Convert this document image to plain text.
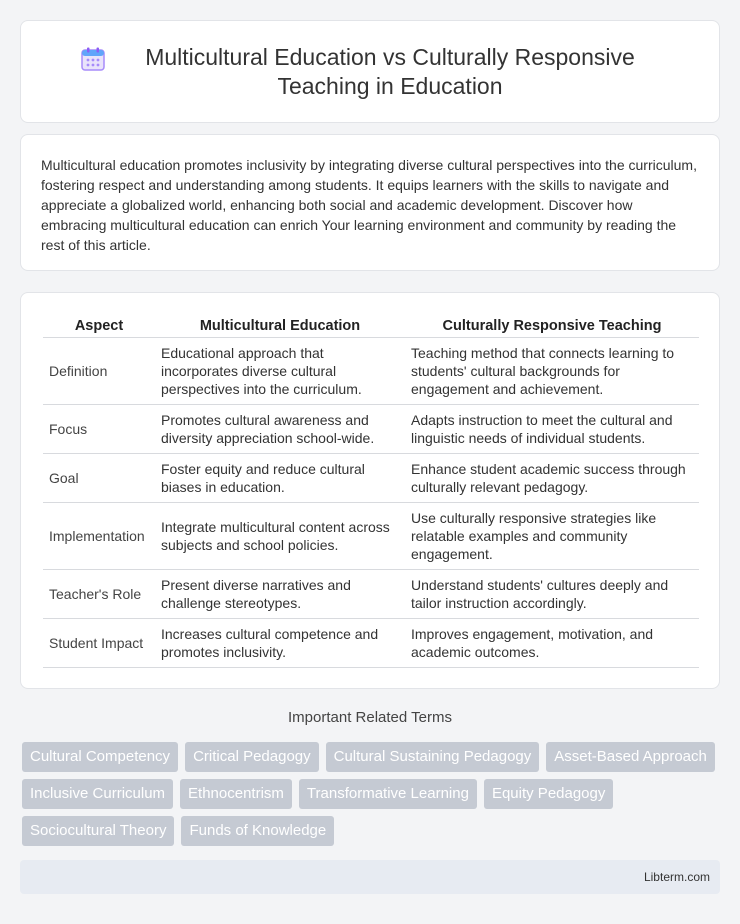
Multicultural Education vs Culturally Responsive Teaching in Education

Multicultural education promotes inclusivity by integrating diverse cultural perspectives into the curriculum, fostering respect and understanding among students. It equips learners with the skills to navigate and appreciate a globalized world, enhancing both social and academic development. Discover how embracing multicultural education can enrich Your learning environment and community by reading the rest of this article.

Aspect	Multicultural Education	Culturally Responsive Teaching
Definition	Educational approach that incorporates diverse cultural perspectives into the curriculum.	Teaching method that connects learning to students' cultural backgrounds for engagement and achievement.
Focus	Promotes cultural awareness and diversity appreciation school-wide.	Adapts instruction to meet the cultural and linguistic needs of individual students.
Goal	Foster equity and reduce cultural biases in education.	Enhance student academic success through culturally relevant pedagogy.
Implementation	Integrate multicultural content across subjects and school policies.	Use culturally responsive strategies like relatable examples and community engagement.
Teacher's Role	Present diverse narratives and challenge stereotypes.	Understand students' cultures deeply and tailor instruction accordingly.
Student Impact	Increases cultural competence and promotes inclusivity.	Improves engagement, motivation, and academic outcomes.
Important Related Terms
Cultural Competency	Critical Pedagogy	Cultural Sustaining Pedagogy	Asset-Based Approach
Inclusive Curriculum	Ethnocentrism	Transformative Learning	Equity Pedagogy
Sociocultural Theory	Funds of Knowledge
Libterm.com
